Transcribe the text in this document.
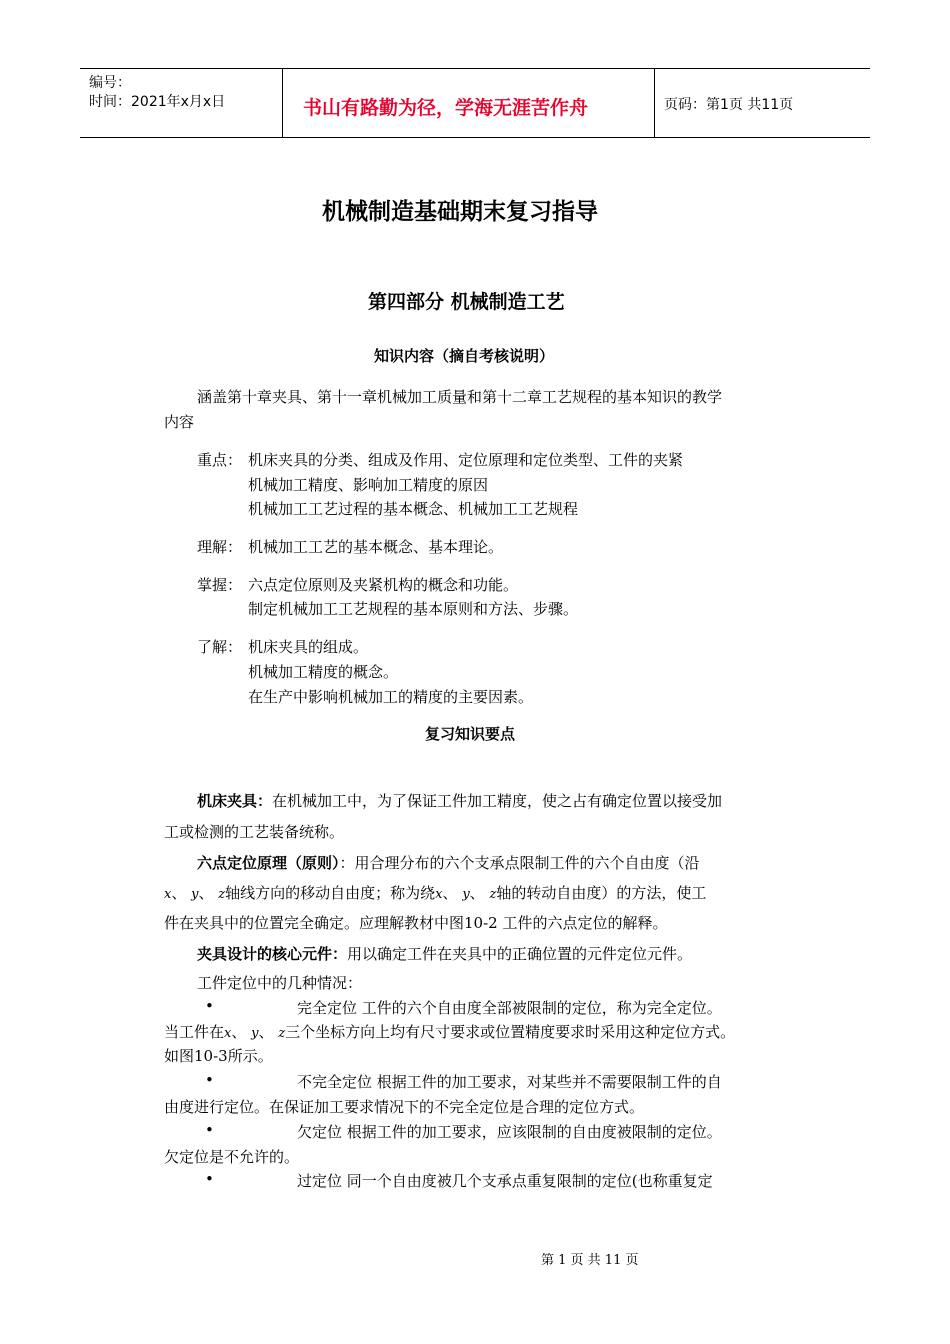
编号：
时间：2021年x月x日	书山有路勤为径，学海无涯苦作舟	页码：第1页 共11页
机械制造基础期末复习指导
第四部分 机械制造工艺
知识内容（摘自考核说明）
涵盖第十章夹具、第十一章机械加工质量和第十二章工艺规程的基本知识的教学
内容
重点： 机床夹具的分类、组成及作用、定位原理和定位类型、工件的夹紧
机械加工精度、影响加工精度的原因
机械加工工艺过程的基本概念、机械加工工艺规程
理解： 机械加工工艺的基本概念、基本理论。
掌握： 六点定位原则及夹紧机构的概念和功能。
制定机械加工工艺规程的基本原则和方法、步骤。
了解： 机床夹具的组成。
机械加工精度的概念。
在生产中影响机械加工的精度的主要因素。
复习知识要点
机床夹具：在机械加工中，为了保证工件加工精度，使之占有确定位置以接受加
工或检测的工艺装备统称。
六点定位原理（原则）：用合理分布的六个支承点限制工件的六个自由度（沿
x、 y、 z轴线方向的移动自由度；称为绕x、 y、 z轴的转动自由度）的方法，使工
件在夹具中的位置完全确定。应理解教材中图10-2 工件的六点定位的解释。
夹具设计的核心元件：用以确定工件在夹具中的正确位置的元件定位元件。
工件定位中的几种情况：
•	完全定位 工件的六个自由度全部被限制的定位，称为完全定位。
当工件在x、 y、 z三个坐标方向上均有尺寸要求或位置精度要求时采用这种定位方式。
如图10-3所示。
•	不完全定位 根据工件的加工要求，对某些并不需要限制工件的自
由度进行定位。在保证加工要求情况下的不完全定位是合理的定位方式。
•	欠定位 根据工件的加工要求，应该限制的自由度被限制的定位。
欠定位是不允许的。
•	过定位 同一个自由度被几个支承点重复限制的定位(也称重复定
第 1 页 共 11 页
